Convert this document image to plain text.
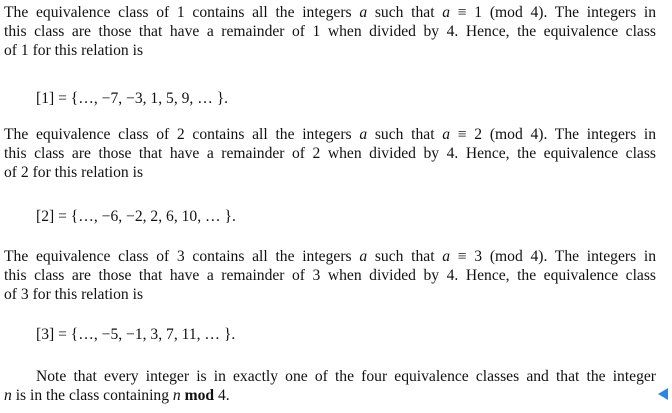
The equivalence class of 1 contains all the integers a such that a ≡ 1 (mod 4). The integers in
this class are those that have a remainder of 1 when divided by 4. Hence, the equivalence class
of 1 for this relation is
[1] = {…, −7, −3, 1, 5, 9, … }.
The equivalence class of 2 contains all the integers a such that a ≡ 2 (mod 4). The integers in
this class are those that have a remainder of 2 when divided by 4. Hence, the equivalence class
of 2 for this relation is
[2] = {…, −6, −2, 2, 6, 10, … }.
The equivalence class of 3 contains all the integers a such that a ≡ 3 (mod 4). The integers in
this class are those that have a remainder of 3 when divided by 4. Hence, the equivalence class
of 3 for this relation is
[3] = {…, −5, −1, 3, 7, 11, … }.
Note that every integer is in exactly one of the four equivalence classes and that the integer
n is in the class containing n mod 4.
